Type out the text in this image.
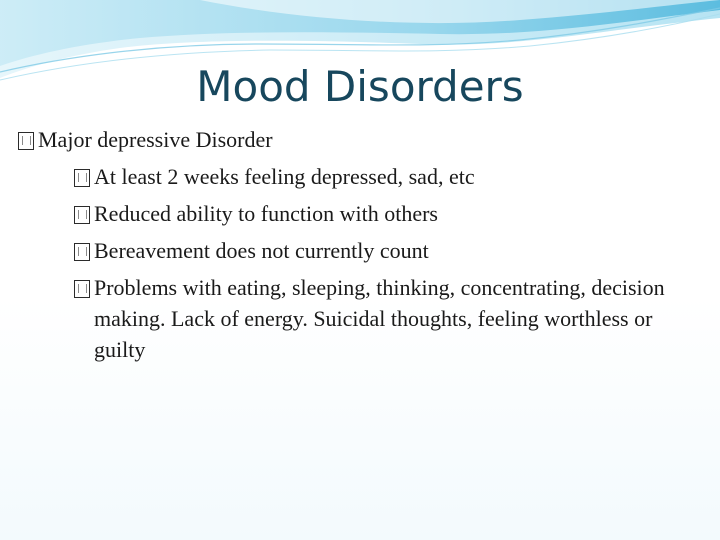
Mood Disorders

Major depressive Disorder

At least 2 weeks feeling depressed, sad, etc

Reduced ability to function with others

Bereavement does not currently count

Problems with eating, sleeping, thinking, concentrating, decision making. Lack of energy. Suicidal thoughts, feeling worthless or guilty
